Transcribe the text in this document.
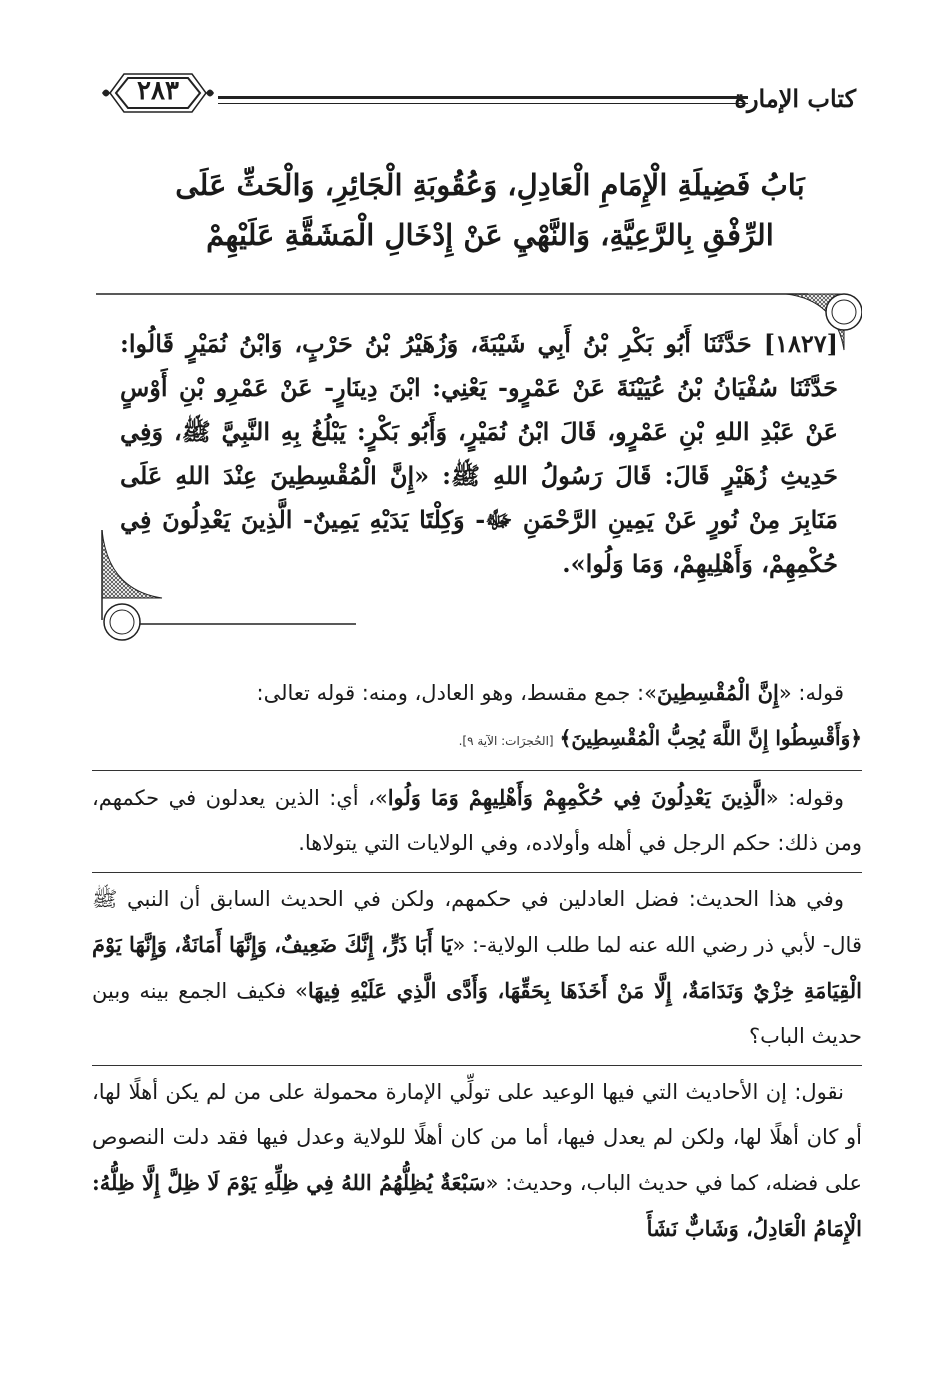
كتاب الإمارة
٢٨٣
بَابُ فَضِيلَةِ الْإِمَامِ الْعَادِلِ، وَعُقُوبَةِ الْجَائِرِ، وَالْحَثِّ عَلَى
الرِّفْقِ بِالرَّعِيَّةِ، وَالنَّهْيِ عَنْ إِدْخَالِ الْمَشَقَّةِ عَلَيْهِمْ
[١٨٢٧] حَدَّثَنَا أَبُو بَكْرِ بْنُ أَبِي شَيْبَةَ، وَزُهَيْرُ بْنُ حَرْبٍ، وَابْنُ نُمَيْرٍ قَالُوا: حَدَّثَنَا سُفْيَانُ بْنُ عُيَيْنَةَ عَنْ عَمْرٍو- يَعْنِي: ابْنَ دِينَارٍ- عَنْ عَمْرِو بْنِ أَوْسٍ عَنْ عَبْدِ اللهِ بْنِ عَمْرٍو، قَالَ ابْنُ نُمَيْرٍ، وَأَبُو بَكْرٍ: يَبْلُغُ بِهِ النَّبِيَّ ﷺ، وَفِي حَدِيثِ زُهَيْرٍ قَالَ: قَالَ رَسُولُ اللهِ ﷺ: «إِنَّ الْمُقْسِطِينَ عِنْدَ اللهِ عَلَى مَنَابِرَ مِنْ نُورٍ عَنْ يَمِينِ الرَّحْمَنِ ﷻ- وَكِلْتَا يَدَيْهِ يَمِينٌ- الَّذِينَ يَعْدِلُونَ فِي حُكْمِهِمْ، وَأَهْلِيهِمْ، وَمَا وَلُوا».

قوله: «إِنَّ الْمُقْسِطِينَ»: جمع مقسط، وهو العادل، ومنه: قوله تعالى:

﴿وَأَقْسِطُوا إِنَّ اللَّهَ يُحِبُّ الْمُقْسِطِينَ﴾
[الحُجرَات: الآية ٩].

وقوله: «الَّذِينَ يَعْدِلُونَ فِي حُكْمِهِمْ وَأَهْلِيهِمْ وَمَا وَلُوا»، أي: الذين يعدلون في حكمهم، ومن ذلك: حكم الرجل في أهله وأولاده، وفي الولايات التي يتولاها.

وفي هذا الحديث: فضل العادلين في حكمهم، ولكن في الحديث السابق أن النبي ﷺ قال- لأبي ذر رضي الله عنه لما طلب الولاية-: «يَا أَبَا ذَرٍّ، إِنَّكَ ضَعِيفٌ، وَإِنَّهَا أَمَانَةٌ، وَإِنَّهَا يَوْمَ الْقِيَامَةِ خِزْيٌ وَنَدَامَةٌ، إِلَّا مَنْ أَخَذَهَا بِحَقِّهَا، وَأَدَّى الَّذِي عَلَيْهِ فِيهَا» فكيف الجمع بينه وبين حديث الباب؟

نقول: إن الأحاديث التي فيها الوعيد على تولِّي الإمارة محمولة على من لم يكن أهلًا لها، أو كان أهلًا لها، ولكن لم يعدل فيها، أما من كان أهلًا للولاية وعدل فيها فقد دلت النصوص على فضله، كما في حديث الباب، وحديث: «سَبْعَةٌ يُظِلُّهُمُ اللهُ فِي ظِلِّهِ يَوْمَ لَا ظِلَّ إِلَّا ظِلُّهُ: الْإِمَامُ الْعَادِلُ، وَشَابٌّ نَشَأَ
